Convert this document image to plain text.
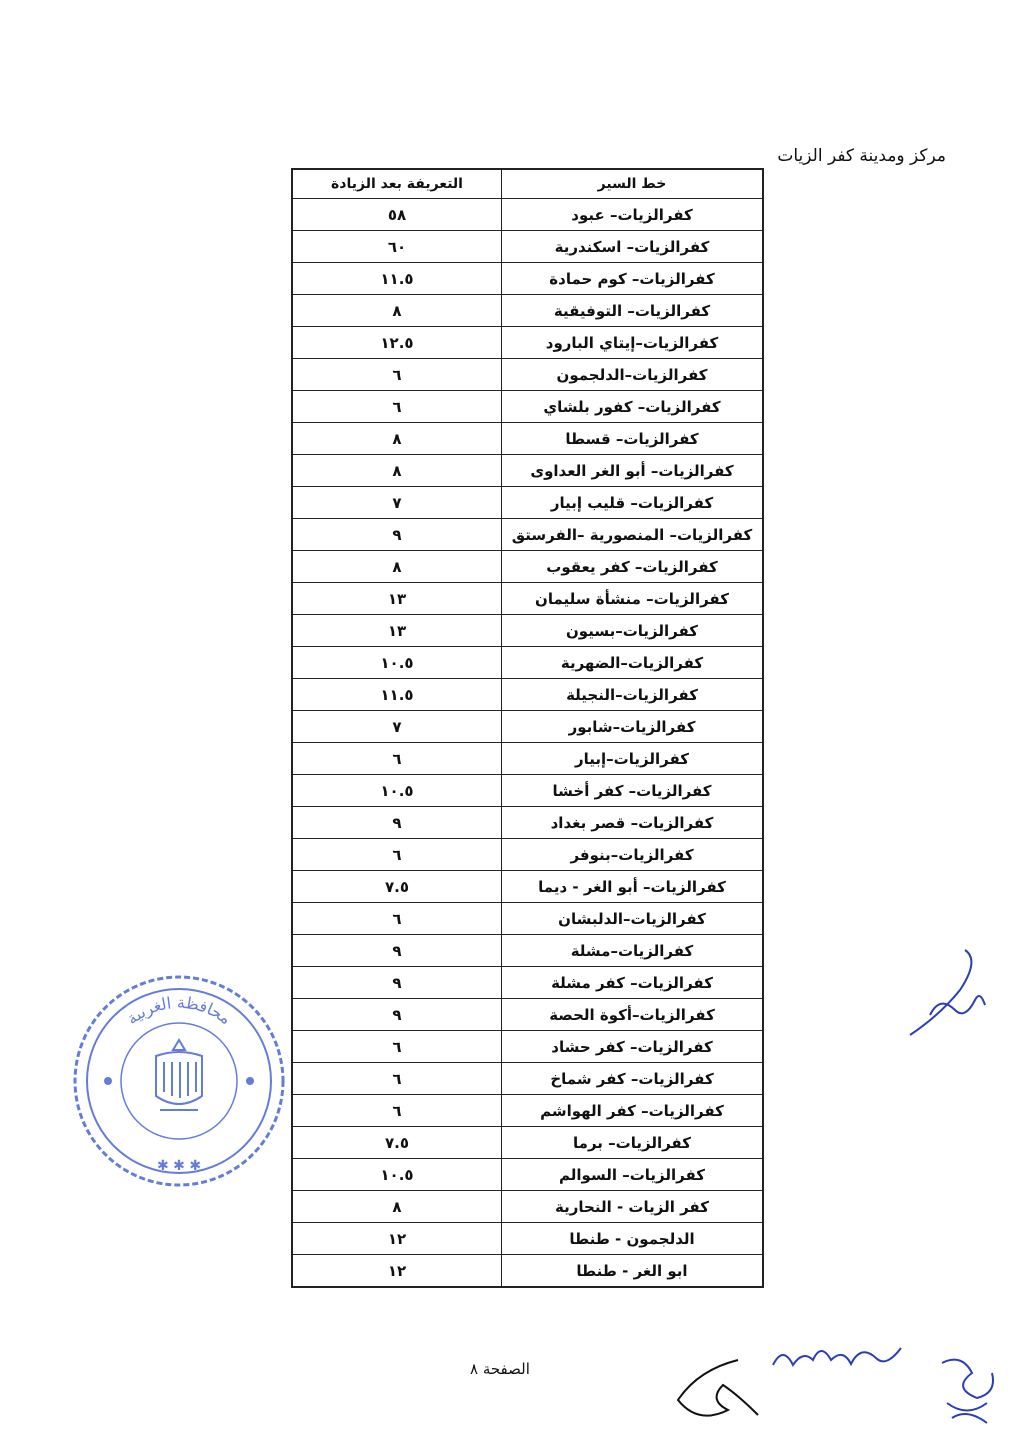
مركز ومدينة كفر الزيات
خط السير	التعريفة بعد الزيادة
كفرالزيات– عبود	٥٨
كفرالزيات– اسكندرية	٦٠
كفرالزيات– كوم حمادة	١١.٥
كفرالزيات– التوفيقية	٨
كفرالزيات–إيتاي البارود	١٢.٥
كفرالزيات–الدلجمون	٦
كفرالزيات– كفور بلشاي	٦
كفرالزيات– قسطا	٨
كفرالزيات– أبو الغر العداوى	٨
كفرالزيات– قليب إبيار	٧
كفرالزيات– المنصورية –الفرستق	٩
كفرالزيات– كفر يعقوب	٨
كفرالزيات– منشأة سليمان	١٣
كفرالزيات–بسيون	١٣
كفرالزيات–الضهرية	١٠.٥
كفرالزيات–النجيلة	١١.٥
كفرالزيات–شابور	٧
كفرالزيات–إبيار	٦
كفرالزيات– كفر أخشا	١٠.٥
كفرالزيات– قصر بغداد	٩
كفرالزيات–بنوفر	٦
كفرالزيات– أبو الغر - ديما	٧.٥
كفرالزيات–الدلبشان	٦
كفرالزيات–مشلة	٩
كفرالزيات– كفر مشلة	٩
كفرالزيات–أكوة الحصة	٩
كفرالزيات– كفر حشاد	٦
كفرالزيات– كفر شماخ	٦
كفرالزيات– كفر الهواشم	٦
كفرالزيات– برما	٧.٥
كفرالزيات– السوالم	١٠.٥
كفر الزيات - النحارية	٨
الدلجمون - طنطا	١٢
ابو الغر - طنطا	١٢
الصفحة ٨
محافظة الغربية
✱ ✱ ✱
